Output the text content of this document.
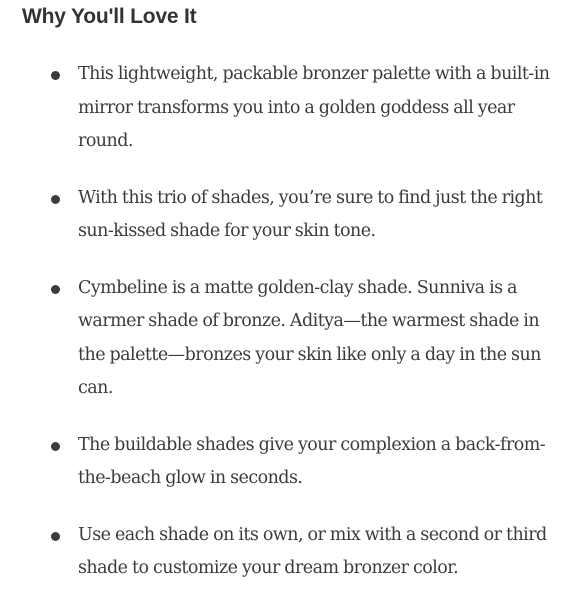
Why You'll Love It
This lightweight, packable bronzer palette with a built-in mirror transforms you into a golden goddess all year round.
With this trio of shades, you’re sure to find just the right sun-kissed shade for your skin tone.
Cymbeline is a matte golden-clay shade. Sunniva is a warmer shade of bronze. Aditya—the warmest shade in the palette—bronzes your skin like only a day in the sun can.
The buildable shades give your complexion a back-from-the-beach glow in seconds.
Use each shade on its own, or mix with a second or third shade to customize your dream bronzer color.
